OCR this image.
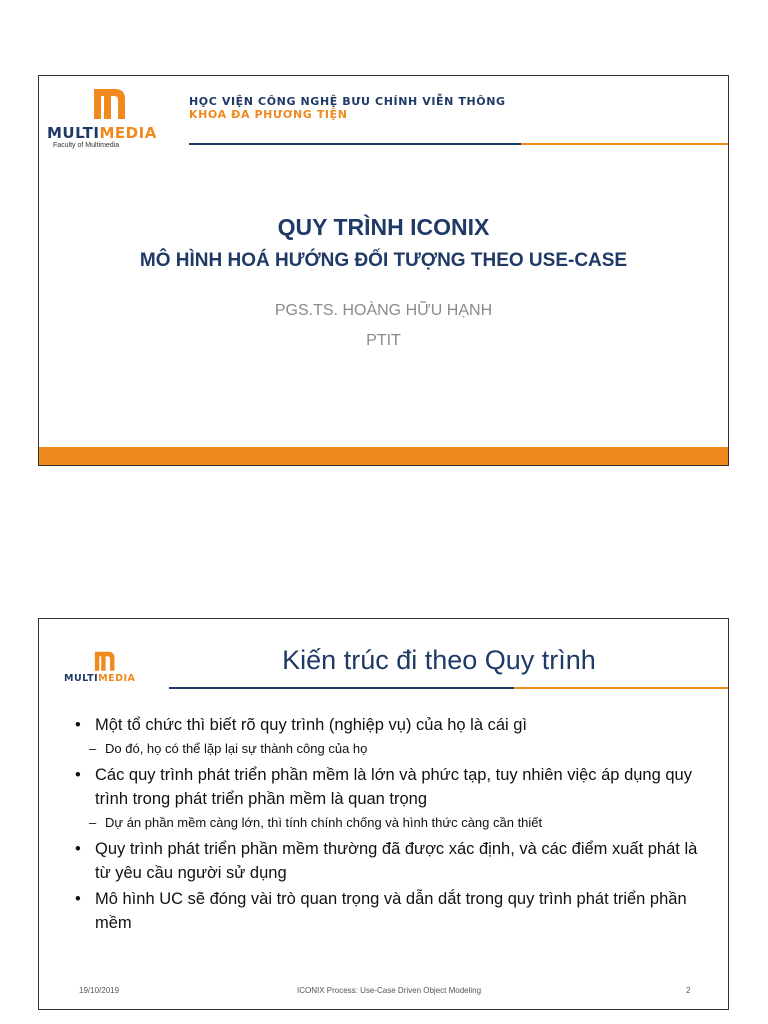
MULTIMEDIA
Faculty of Multimedia
HỌC VIỆN CÔNG NGHỆ BƯU CHÍNH VIỄN THÔNG
KHOA ĐA PHƯƠNG TIỆN
QUY TRÌNH ICONIX
MÔ HÌNH HOÁ HƯỚNG ĐỐI TƯỢNG THEO USE-CASE
PGS.TS. HOÀNG HỮU HẠNH
PTIT
MULTIMEDIA
Kiến trúc đi theo Quy trình
• Một tổ chức thì biết rõ quy trình (nghiệp vụ) của họ là cái gì
– Do đó, họ có thể lặp lại sự thành công của họ
• Các quy trình phát triển phần mềm là lớn và phức tạp, tuy nhiên việc áp dụng quy trình trong phát triển phần mềm là quan trọng
– Dự án phần mềm càng lớn, thì tính chính chống và hình thức càng cần thiết
• Quy trình phát triển phần mềm thường đã được xác định, và các điểm xuất phát là từ yêu cầu người sử dụng
• Mô hình UC sẽ đóng vài trò quan trọng và dẫn dắt trong quy trình phát triển phần mềm
19/10/2019	ICONIX Process: Use-Case Driven Object Modeling	2
